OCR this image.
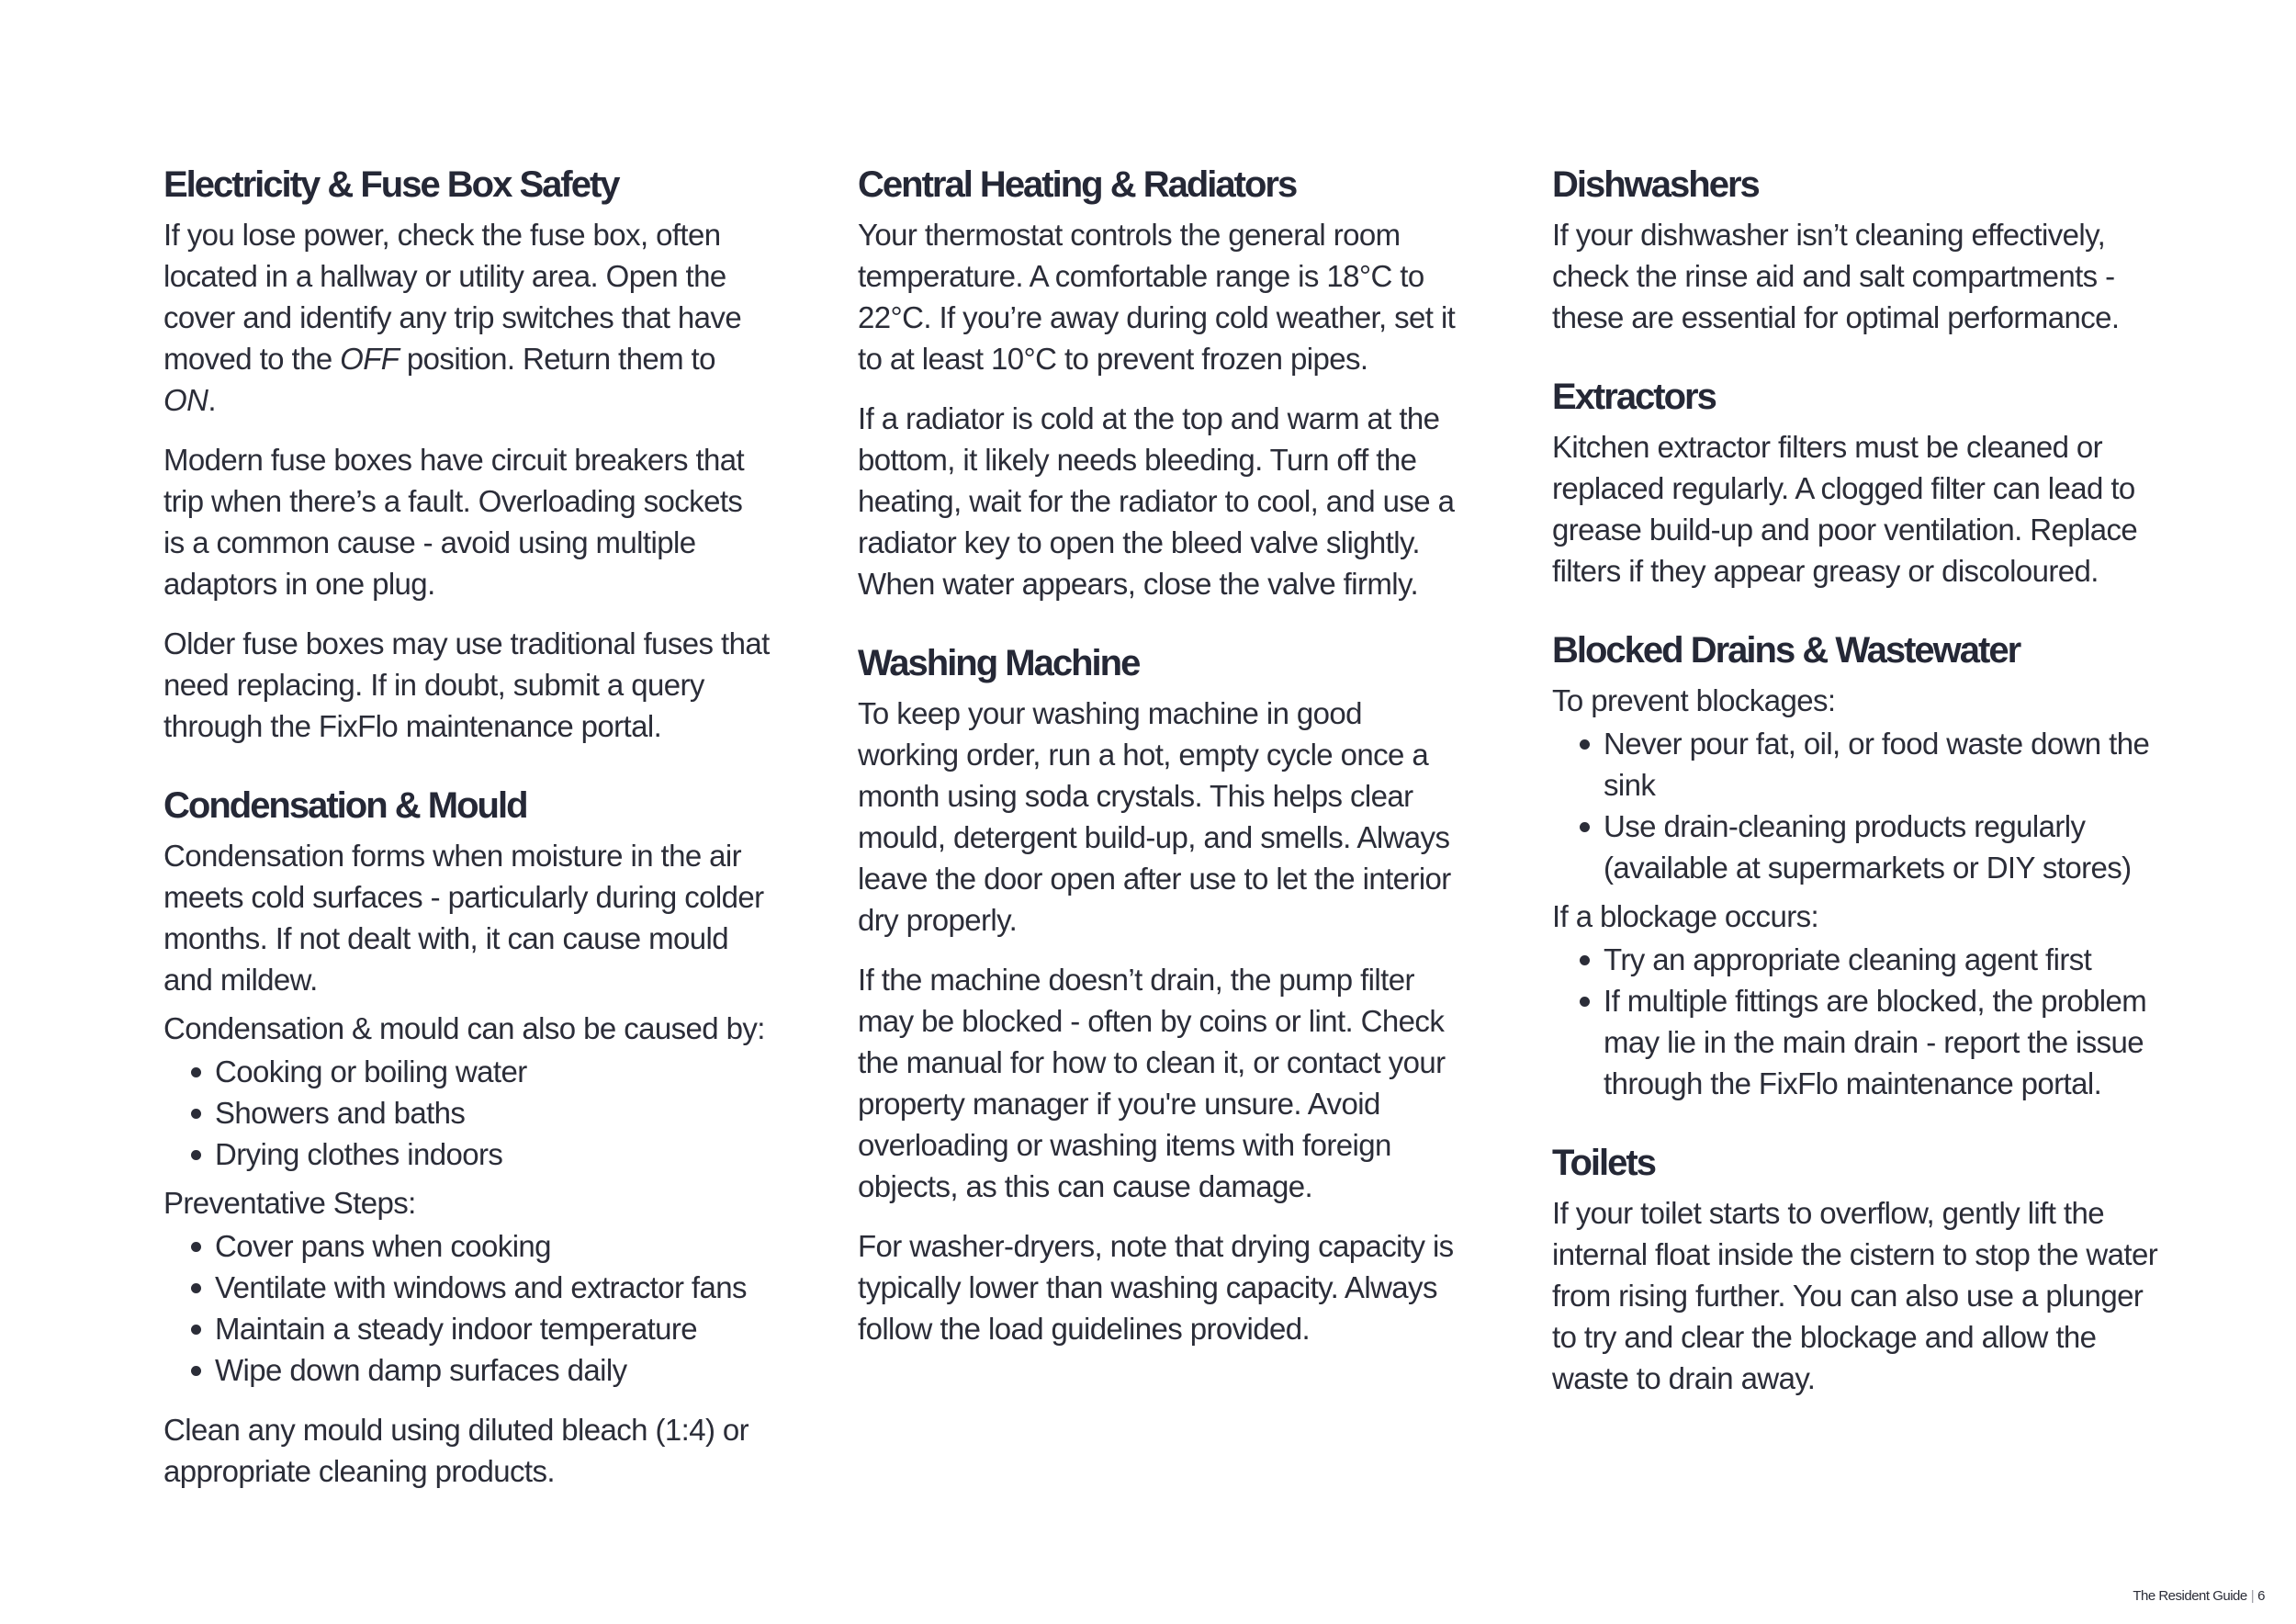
Electricity & Fuse Box Safety

If you lose power, check the fuse box, often located in a hallway or utility area. Open the cover and identify any trip switches that have moved to the OFF position. Return them to ON.

Modern fuse boxes have circuit breakers that trip when there’s a fault. Overloading sockets is a common cause - avoid using multiple adaptors in one plug.

Older fuse boxes may use traditional fuses that need replacing. If in doubt, submit a query through the FixFlo maintenance portal.

Condensation & Mould

Condensation forms when moisture in the air meets cold surfaces - particularly during colder months. If not dealt with, it can cause mould and mildew.

Condensation & mould can also be caused by:
Cooking or boiling water
Showers and baths
Drying clothes indoors
Preventative Steps:
Cover pans when cooking
Ventilate with windows and extractor fans
Maintain a steady indoor temperature
Wipe down damp surfaces daily

Clean any mould using diluted bleach (1:4) or appropriate cleaning products.

Central Heating & Radiators

Your thermostat controls the general room temperature. A comfortable range is 18°C to 22°C. If you’re away during cold weather, set it to at least 10°C to prevent frozen pipes.

If a radiator is cold at the top and warm at the bottom, it likely needs bleeding. Turn off the heating, wait for the radiator to cool, and use a radiator key to open the bleed valve slightly. When water appears, close the valve firmly.

Washing Machine

To keep your washing machine in good working order, run a hot, empty cycle once a month using soda crystals. This helps clear mould, detergent build-up, and smells. Always leave the door open after use to let the interior dry properly.

If the machine doesn’t drain, the pump filter may be blocked - often by coins or lint. Check the manual for how to clean it, or contact your property manager if you're unsure. Avoid overloading or washing items with foreign objects, as this can cause damage.

For washer-dryers, note that drying capacity is typically lower than washing capacity. Always follow the load guidelines provided.

Dishwashers

If your dishwasher isn’t cleaning effectively, check the rinse aid and salt compartments - these are essential for optimal performance.

Extractors

Kitchen extractor filters must be cleaned or replaced regularly. A clogged filter can lead to grease build-up and poor ventilation. Replace filters if they appear greasy or discoloured.

Blocked Drains & Wastewater
To prevent blockages:
Never pour fat, oil, or food waste down the sink
Use drain-cleaning products regularly (available at supermarkets or DIY stores)
If a blockage occurs:
Try an appropriate cleaning agent first
If multiple fittings are blocked, the problem may lie in the main drain - report the issue through the FixFlo maintenance portal.
Toilets

If your toilet starts to overflow, gently lift the internal float inside the cistern to stop the water from rising further. You can also use a plunger to try and clear the blockage and allow the waste to drain away.

The Resident Guide | 6
